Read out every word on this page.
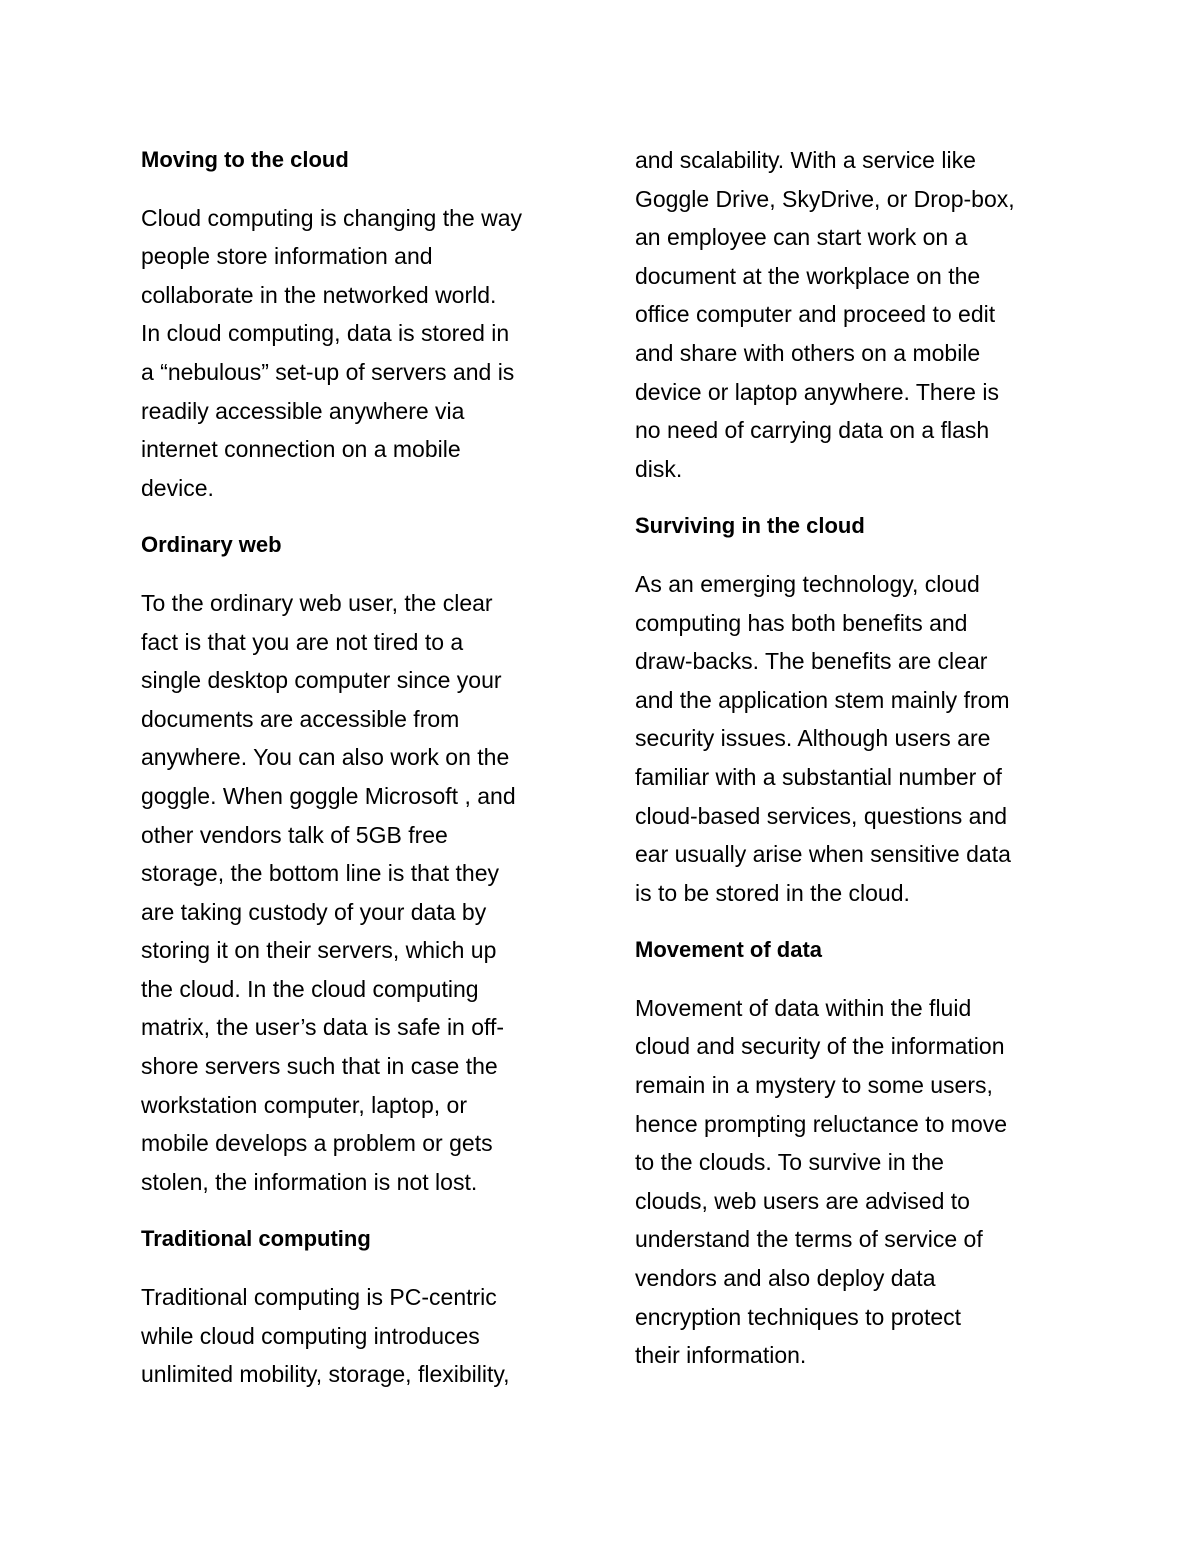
Moving to the cloud
Cloud computing is changing the way
people store information and
collaborate in the networked world.
In cloud computing, data is stored in
a “nebulous” set-up of servers and is
readily accessible anywhere via
internet connection on a mobile
device.
Ordinary web
To the ordinary web user, the clear
fact is that you are not tired to a
single desktop computer since your
documents are accessible from
anywhere. You can also work on the
goggle. When goggle Microsoft , and
other vendors talk of 5GB free
storage, the bottom line is that they
are taking custody of your data by
storing it on their servers, which up
the cloud. In the cloud computing
matrix, the user’s data is safe in off-
shore servers such that in case the
workstation computer, laptop, or
mobile develops a problem or gets
stolen, the information is not lost.
Traditional computing
Traditional computing is PC-centric
while cloud computing introduces
unlimited mobility, storage, flexibility,
and scalability. With a service like
Goggle Drive, SkyDrive, or Drop-box,
an employee can start work on a
document at the workplace on the
office computer and proceed to edit
and share with others on a mobile
device or laptop anywhere. There is
no need of carrying data on a flash
disk.
Surviving in the cloud
As an emerging technology, cloud
computing has both benefits and
draw-backs. The benefits are clear
and the application stem mainly from
security issues. Although users are
familiar with a substantial number of
cloud-based services, questions and
ear usually arise when sensitive data
is to be stored in the cloud.
Movement of data
Movement of data within the fluid
cloud and security of the information
remain in a mystery to some users,
hence prompting reluctance to move
to the clouds. To survive in the
clouds, web users are advised to
understand the terms of service of
vendors and also deploy data
encryption techniques to protect
their information.
